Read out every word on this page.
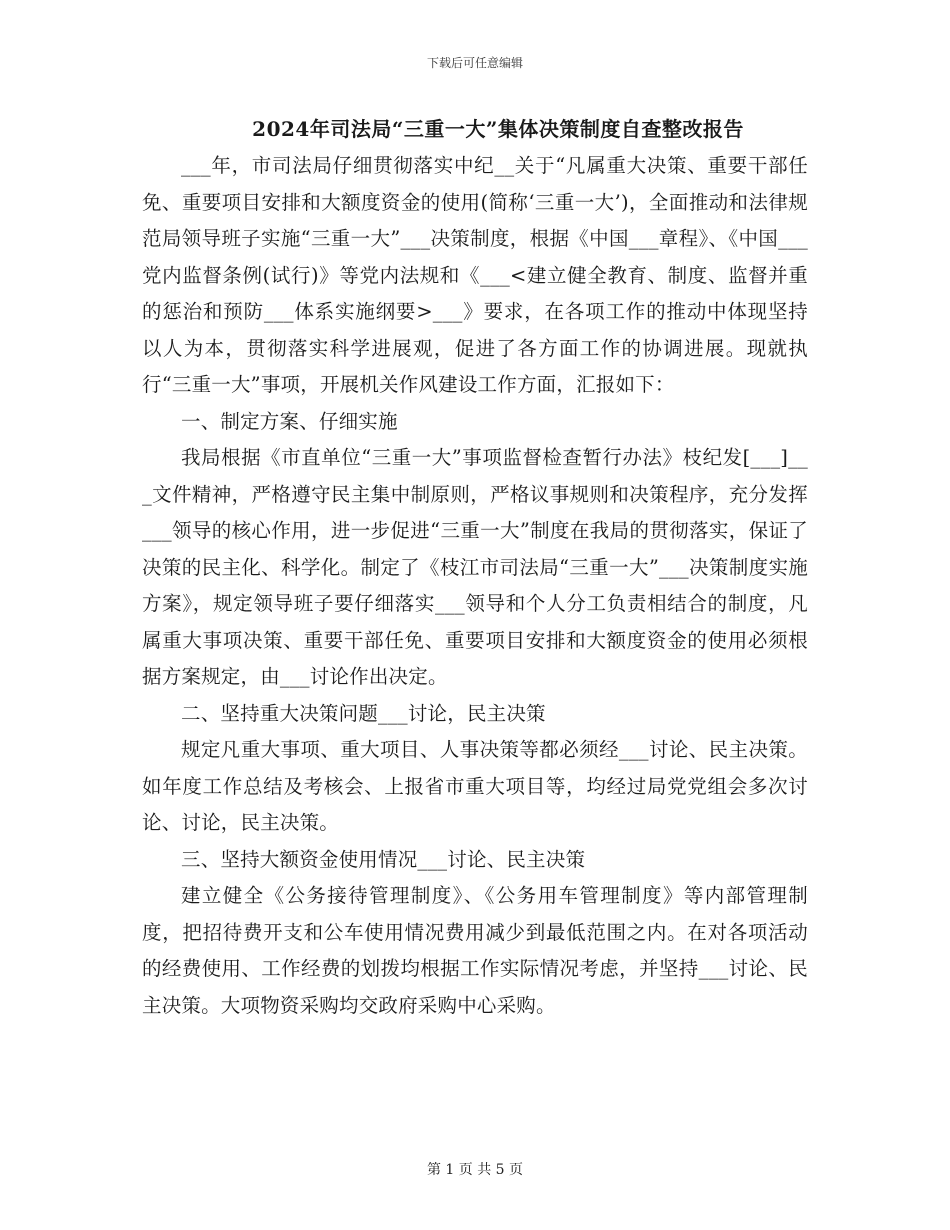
下载后可任意编辑
2024年司法局“三重一大”集体决策制度自查整改报告

___年，市司法局仔细贯彻落实中纪__关于“凡属重大决策、重要干部任免、重要项目安排和大额度资金的使用(简称‘三重一大’)，全面推动和法律规范局领导班子实施“三重一大”___决策制度，根据《中国___章程》、《中国___党内监督条例(试行)》等党内法规和《___<建立健全教育、制度、监督并重的惩治和预防___体系实施纲要>___》要求，在各项工作的推动中体现坚持以人为本，贯彻落实科学进展观，促进了各方面工作的协调进展。现就执行“三重一大”事项，开展机关作风建设工作方面，汇报如下：

一、制定方案、仔细实施

我局根据《市直单位“三重一大”事项监督检查暂行办法》枝纪发[___]___文件精神，严格遵守民主集中制原则，严格议事规则和决策程序，充分发挥___领导的核心作用，进一步促进“三重一大”制度在我局的贯彻落实，保证了决策的民主化、科学化。制定了《枝江市司法局“三重一大”___决策制度实施方案》，规定领导班子要仔细落实___领导和个人分工负责相结合的制度，凡属重大事项决策、重要干部任免、重要项目安排和大额度资金的使用必须根据方案规定，由___讨论作出决定。

二、坚持重大决策问题___讨论，民主决策

规定凡重大事项、重大项目、人事决策等都必须经___讨论、民主决策。如年度工作总结及考核会、上报省市重大项目等，均经过局党党组会多次讨论、讨论，民主决策。

三、坚持大额资金使用情况___讨论、民主决策

建立健全《公务接待管理制度》、《公务用车管理制度》等内部管理制度，把招待费开支和公车使用情况费用减少到最低范围之内。在对各项活动的经费使用、工作经费的划拨均根据工作实际情况考虑，并坚持___讨论、民主决策。大项物资采购均交政府采购中心采购。

第 1 页 共 5 页
